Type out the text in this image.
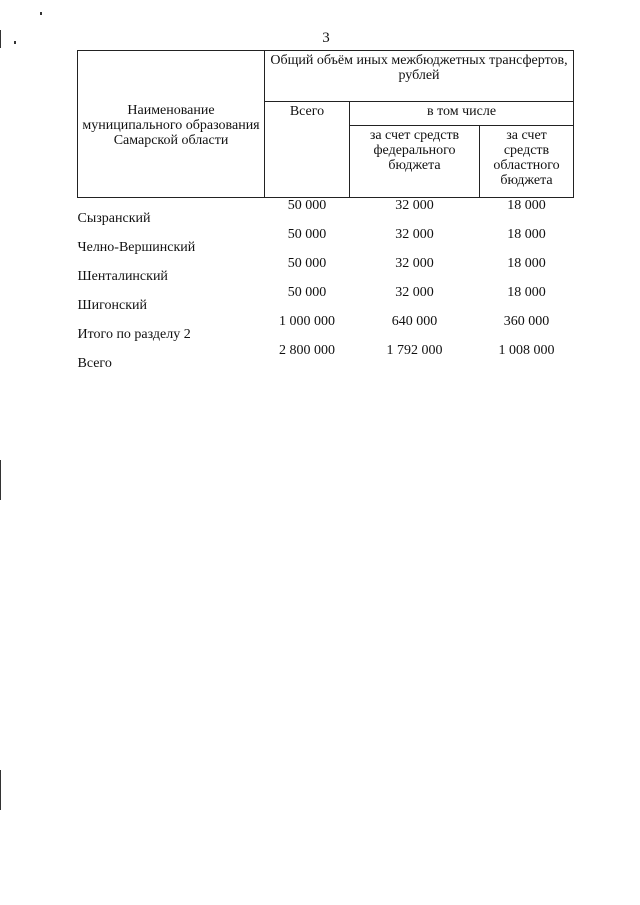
3
Наименование муниципального образования Самарской области	Общий объём иных межбюджетных трансфертов, рублей		
	Всего	в том числе	
		за счет средств федерального бюджета	за счет средств областного бюджета
Сызранский	50 000	32 000	18 000
Челно-Вершинский	50 000	32 000	18 000
Шенталинский	50 000	32 000	18 000
Шигонский	50 000	32 000	18 000
Итого по разделу 2	1 000 000	640 000	360 000
Всего	2 800 000	1 792 000	1 008 000
